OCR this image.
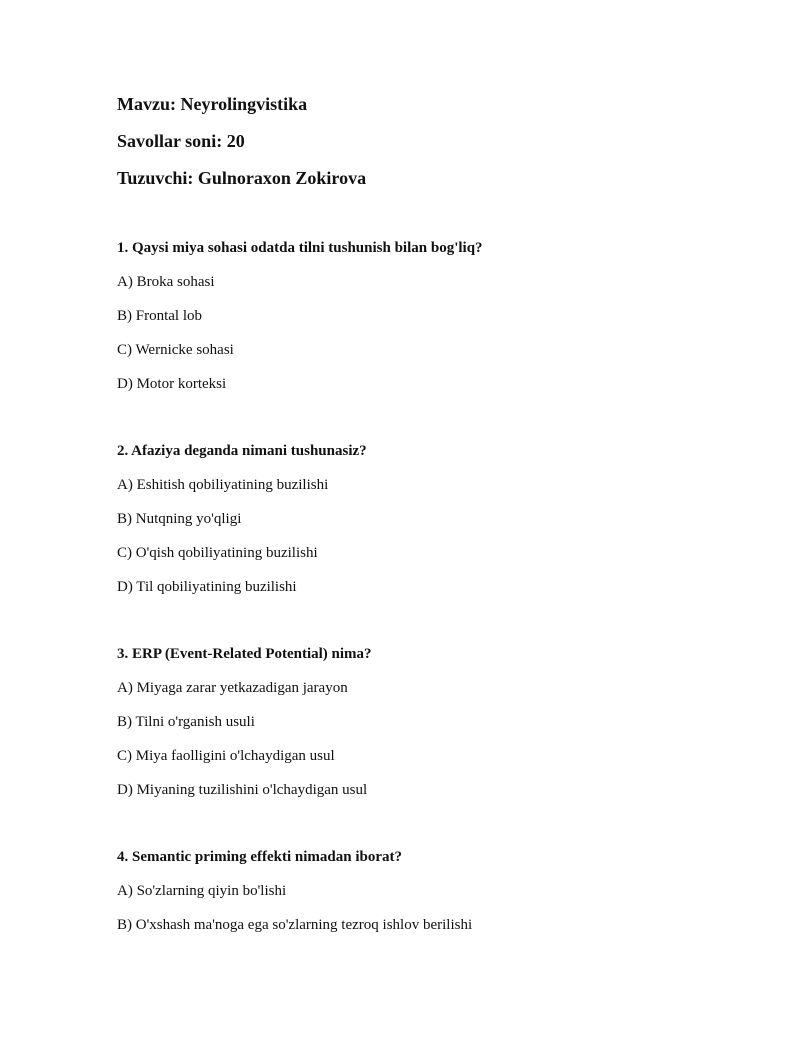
Mavzu: Neyrolingvistika
Savollar soni: 20
Tuzuvchi: Gulnoraxon Zokirova
1. Qaysi miya sohasi odatda tilni tushunish bilan bog'liq?
A) Broka sohasi
B) Frontal lob
C) Wernicke sohasi
D) Motor korteksi
2. Afaziya deganda nimani tushunasiz?
A) Eshitish qobiliyatining buzilishi
B) Nutqning yo'qligi
C) O'qish qobiliyatining buzilishi
D) Til qobiliyatining buzilishi
3. ERP (Event-Related Potential) nima?
A) Miyaga zarar yetkazadigan jarayon
B) Tilni o'rganish usuli
C) Miya faolligini o'lchaydigan usul
D) Miyaning tuzilishini o'lchaydigan usul
4. Semantic priming effekti nimadan iborat?
A) So'zlarning qiyin bo'lishi
B) O'xshash ma'noga ega so'zlarning tezroq ishlov berilishi
